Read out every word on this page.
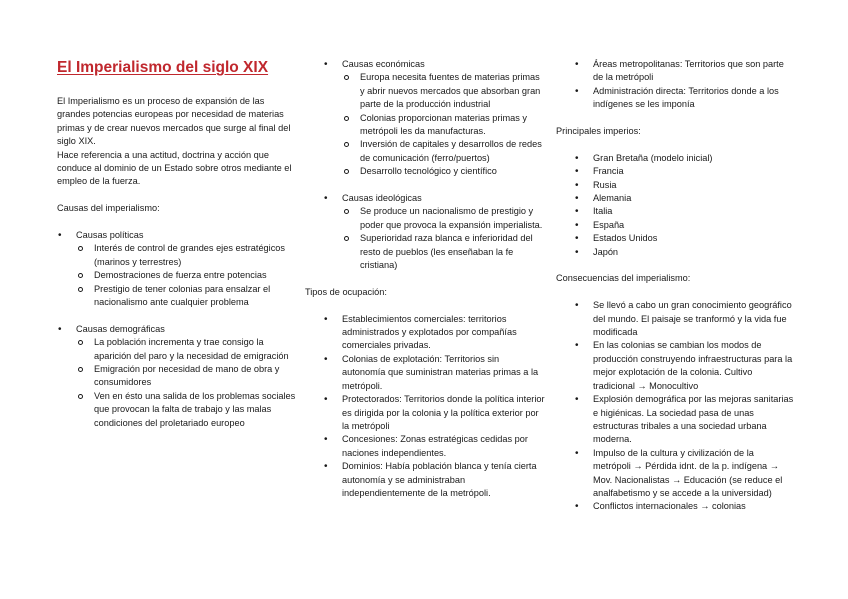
El Imperialismo del siglo XIX

El Imperialismo es un proceso de expansión de las grandes potencias europeas por necesidad de materias primas y de crear nuevos mercados que surge al final del siglo XIX.

Hace referencia a una actitud, doctrina y acción que conduce al dominio de un Estado sobre otros mediante el empleo de la fuerza.

Causas del imperialismo:

• Causas políticas
Interés de control de grandes ejes estratégicos (marinos y terrestres)
Demostraciones de fuerza entre potencias
Prestigio de tener colonias para ensalzar el nacionalismo ante cualquier problema
• Causas demográficas
La población incrementa y trae consigo la aparición del paro y la necesidad de emigración
Emigración por necesidad de mano de obra y consumidores
Ven en ésto una salida de los problemas sociales que provocan la falta de trabajo y las malas condiciones del proletariado europeo
• Causas económicas
Europa necesita fuentes de materias primas y abrir nuevos mercados que absorban gran parte de la producción industrial
Colonias proporcionan materias primas y metrópoli les da manufacturas.
Inversión de capitales y desarrollos de redes de comunicación (ferro/puertos)
Desarrollo tecnológico y científico
• Causas ideológicas
Se produce un nacionalismo de prestigio y poder que provoca la expansión imperialista.
Superioridad raza blanca e inferioridad del resto de pueblos (les enseñaban la fe cristiana)

Tipos de ocupación:

• Establecimientos comerciales: territorios administrados y explotados por compañías comerciales privadas.
• Colonias de explotación: Territorios sin autonomía que suministran materias primas a la metrópoli.
• Protectorados: Territorios donde la política interior es dirigida por la colonia y la política exterior por la metrópoli
• Concesiones: Zonas estratégicas cedidas por naciones independientes.
• Dominios: Había población blanca y tenía cierta autonomía y se administraban independientemente de la metrópoli.
• Áreas metropolitanas: Territorios que son parte de la metrópoli
• Administración directa: Territorios donde a los indígenes se les imponía

Principales imperios:

• Gran Bretaña (modelo inicial)
• Francia
• Rusia
• Alemania
• Italia
• España
• Estados Unidos
• Japón

Consecuencias del imperialismo:

• Se llevó a cabo un gran conocimiento geográfico del mundo. El paisaje se tranformó y la vida fue modificada
• En las colonias se cambian los modos de producción construyendo infraestructuras para la mejor explotación de la colonia. Cultivo tradicional → Monocultivo
• Explosión demográfica por las mejoras sanitarias e higiénicas. La sociedad pasa de unas estructuras tribales a una sociedad urbana moderna.
• Impulso de la cultura y civilización de la metrópoli → Pérdida idnt. de la p. indígena → Mov. Nacionalistas → Educación (se reduce el analfabetismo y se accede a la universidad)
• Conflictos internacionales → colonias
